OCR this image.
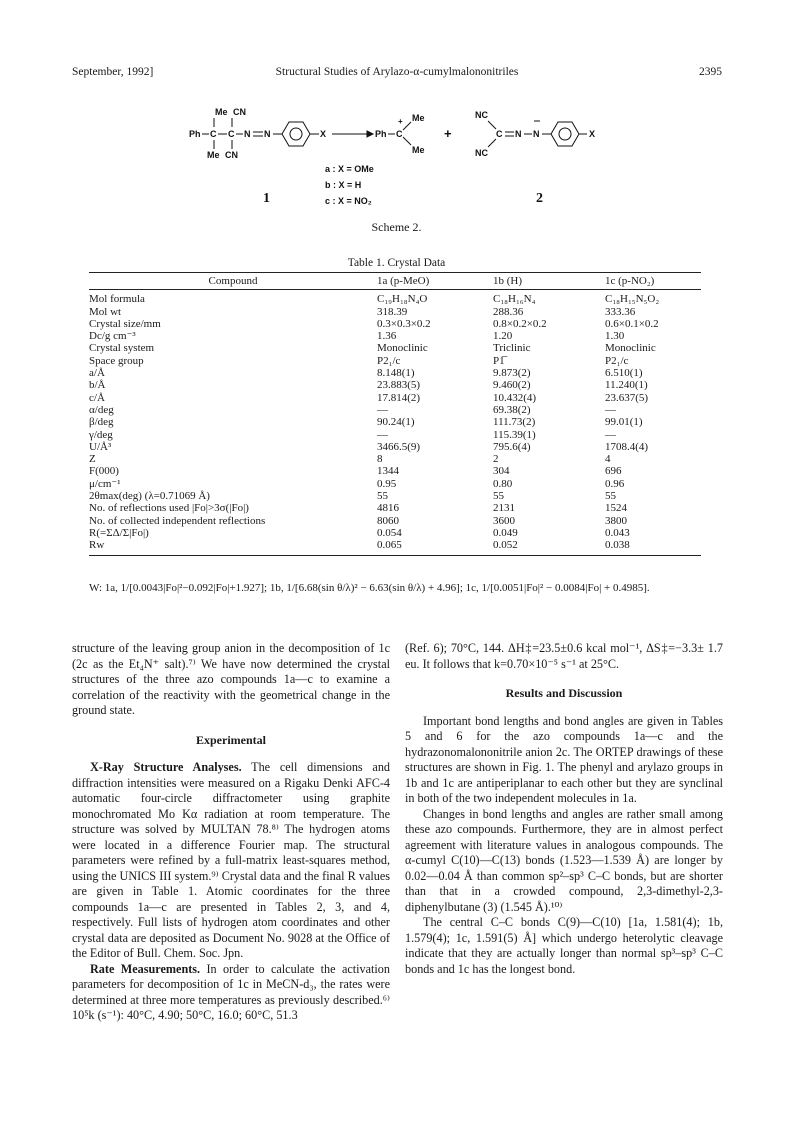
September, 1992]	Structural Studies of Arylazo-α-cumylmalononitriles	2395
Me CN
Ph C C N N
Me CN
X	Ph C
+ Me
Me
+
NC
NC
C N N	X
1	2
a : X = OMe
b : X = H
c : X = NO₂
Scheme 2.
Table 1. Crystal Data
Compound	1a (p-MeO)	1b (H)	1c (p-NO₂)
Mol formula	C₁₉H₁₈N₄O	C₁₈H₁₆N₄	C₁₈H₁₅N₅O₂
Mol wt	318.39	288.36	333.36
Crystal size/mm	0.3×0.3×0.2	0.8×0.2×0.2	0.6×0.1×0.2
Dc/g cm⁻³	1.36	1.20	1.30
Crystal system	Monoclinic	Triclinic	Monoclinic
Space group	P2₁/c	P1̅	P2₁/c
a/Å	8.148(1)	9.873(2)	6.510(1)
b/Å	23.883(5)	9.460(2)	11.240(1)
c/Å	17.814(2)	10.432(4)	23.637(5)
α/deg	—	69.38(2)	—
β/deg	90.24(1)	111.73(2)	99.01(1)
γ/deg	—	115.39(1)	—
U/Å³	3466.5(9)	795.6(4)	1708.4(4)
Z	8	2	4
F(000)	1344	304	696
μ/cm⁻¹	0.95	0.80	0.96
2θmax(deg) (λ=0.71069 Å)	55	55	55
No. of reflections used |Fo|>3σ(|Fo|)	4816	2131	1524
No. of collected independent reflections	8060	3600	3800
R(=ΣΔ/Σ|Fo|)	0.054	0.049	0.043
Rw	0.065	0.052	0.038
W: 1a, 1/[0.0043|Fo|²−0.092|Fo|+1.927]; 1b, 1/[6.68(sin θ/λ)² − 6.63(sin θ/λ) + 4.96]; 1c, 1/[0.0051|Fo|² − 0.0084|Fo| + 0.4985].

structure of the leaving group anion in the decomposition of 1c (2c as the Et₄N⁺ salt).⁷⁾ We have now determined the crystal structures of the three azo compounds 1a—c to examine a correlation of the reactivity with the geometrical change in the ground state.

Experimental

X-Ray Structure Analyses. The cell dimensions and diffraction intensities were measured on a Rigaku Denki AFC-4 automatic four-circle diffractometer using graphite monochromated Mo Kα radiation at room temperature. The structure was solved by MULTAN 78.⁸⁾ The hydrogen atoms were located in a difference Fourier map. The structural parameters were refined by a full-matrix least-squares method, using the UNICS III system.⁹⁾ Crystal data and the final R values are given in Table 1. Atomic coordinates for the three compounds 1a—c are presented in Tables 2, 3, and 4, respectively. Full lists of hydrogen atom coordinates and other crystal data are deposited as Document No. 9028 at the Office of the Editor of Bull. Chem. Soc. Jpn.

Rate Measurements. In order to calculate the activation parameters for decomposition of 1c in MeCN-d₃, the rates were determined at three more temperatures as previously described.⁶⁾ 10⁵k (s⁻¹): 40°C, 4.90; 50°C, 16.0; 60°C, 51.3

(Ref. 6); 70°C, 144. ΔH‡=23.5±0.6 kcal mol⁻¹, ΔS‡=−3.3± 1.7 eu. It follows that k=0.70×10⁻⁵ s⁻¹ at 25°C.

Results and Discussion

Important bond lengths and bond angles are given in Tables 5 and 6 for the azo compounds 1a—c and the hydrazonomalononitrile anion 2c. The ORTEP drawings of these structures are shown in Fig. 1. The phenyl and arylazo groups in 1b and 1c are antiperiplanar to each other but they are synclinal in both of the two independent molecules in 1a.

Changes in bond lengths and angles are rather small among these azo compounds. Furthermore, they are in almost perfect agreement with literature values in analogous compounds. The α-cumyl C(10)—C(13) bonds (1.523—1.539 Å) are longer by 0.02—0.04 Å than common sp²–sp³ C–C bonds, but are shorter than that in a crowded compound, 2,3-dimethyl-2,3-diphenylbutane (3) (1.545 Å).¹⁰⁾

The central C–C bonds C(9)—C(10) [1a, 1.581(4); 1b, 1.579(4); 1c, 1.591(5) Å] which undergo heterolytic cleavage indicate that they are actually longer than normal sp³–sp³ C–C bonds and 1c has the longest bond.
